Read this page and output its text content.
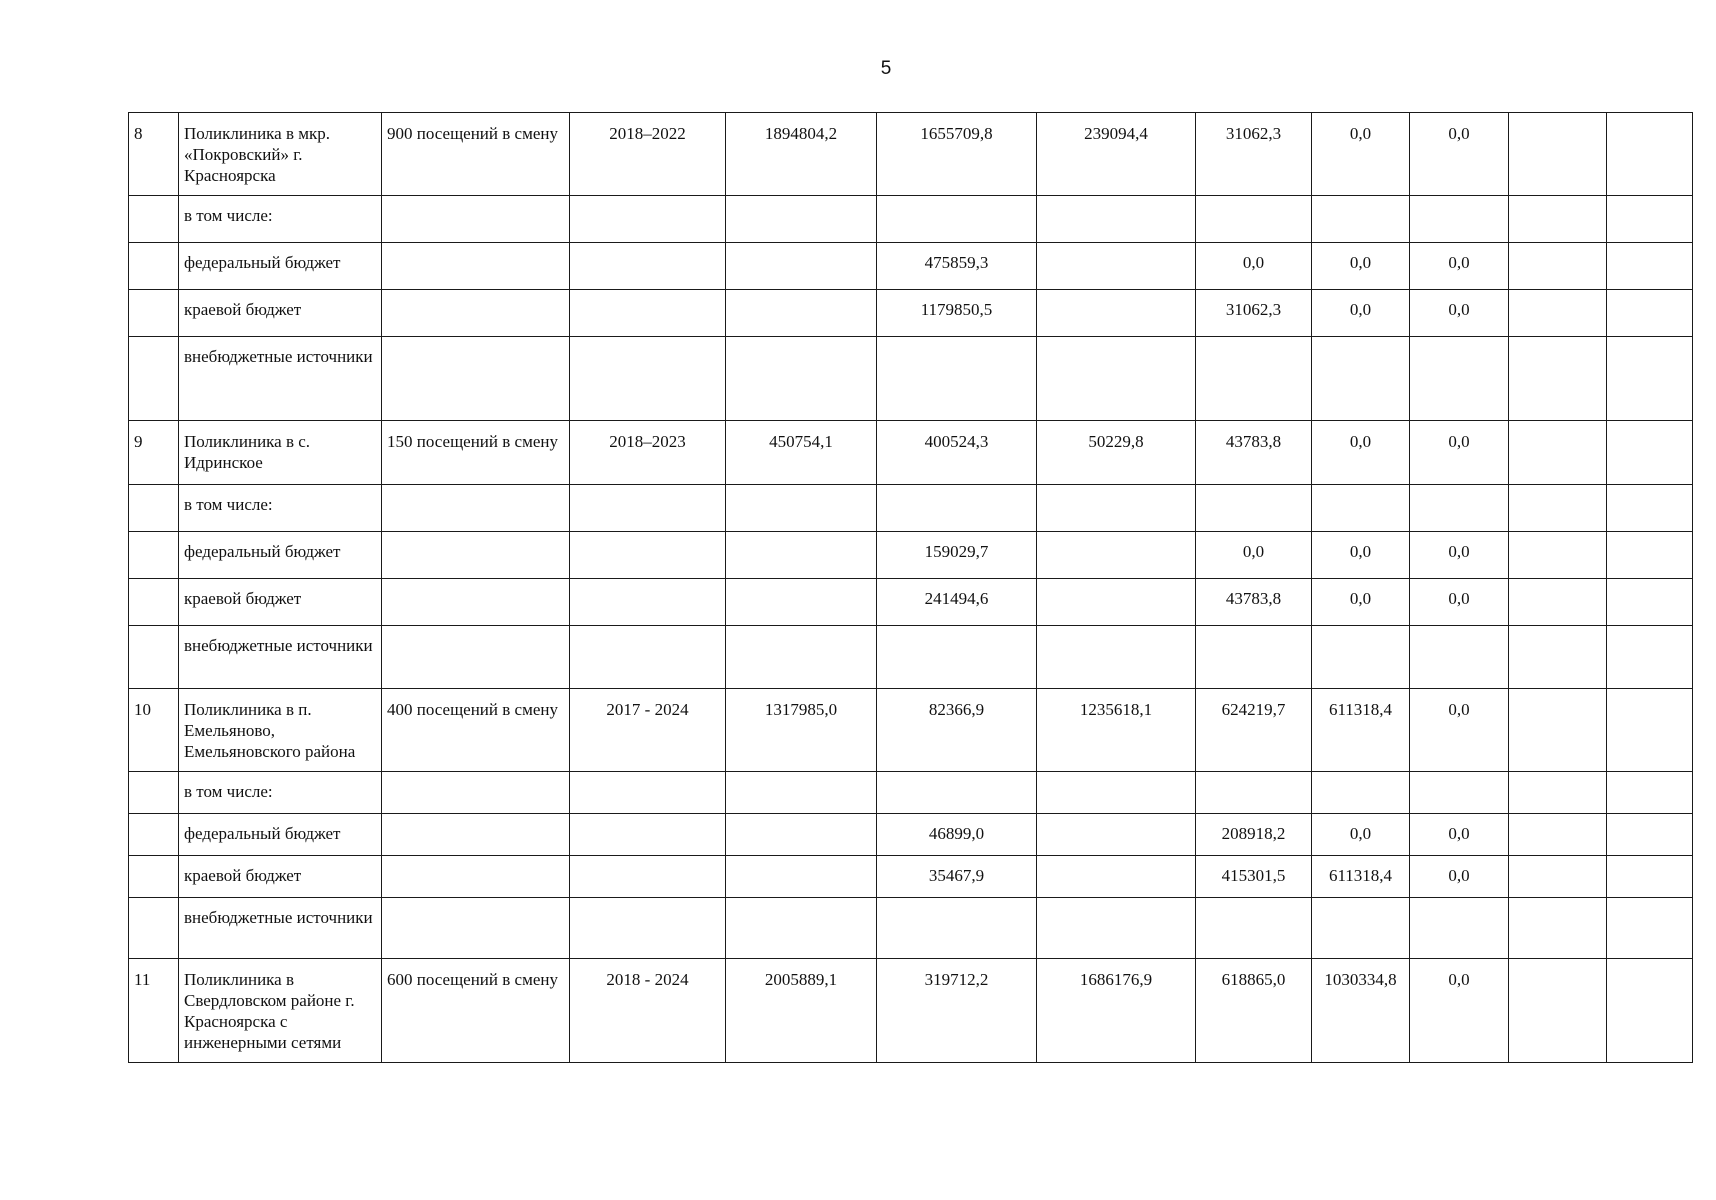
5
8	Поликлиника в мкр. «Покровский» г. Красноярска	900 посещений в смену	2018–2022	1894804,2	1655709,8	239094,4	31062,3	0,0	0,0		
	в том числе:										
	федеральный бюджет				475859,3		0,0	0,0	0,0		
	краевой бюджет				1179850,5		31062,3	0,0	0,0		
	внебюджетные источники										
9	Поликлиника в с. Идринское	150 посещений в смену	2018–2023	450754,1	400524,3	50229,8	43783,8	0,0	0,0		
	в том числе:										
	федеральный бюджет				159029,7		0,0	0,0	0,0		
	краевой бюджет				241494,6		43783,8	0,0	0,0		
	внебюджетные источники										
10	Поликлиника в п. Емельяново, Емельяновского района	400 посещений в смену	2017 - 2024	1317985,0	82366,9	1235618,1	624219,7	611318,4	0,0		
	в том числе:										
	федеральный бюджет				46899,0		208918,2	0,0	0,0		
	краевой бюджет				35467,9		415301,5	611318,4	0,0		
	внебюджетные источники										
11	Поликлиника в Свердловском районе г. Красноярска с инженерными сетями	600 посещений в смену	2018 - 2024	2005889,1	319712,2	1686176,9	618865,0	1030334,8	0,0		
